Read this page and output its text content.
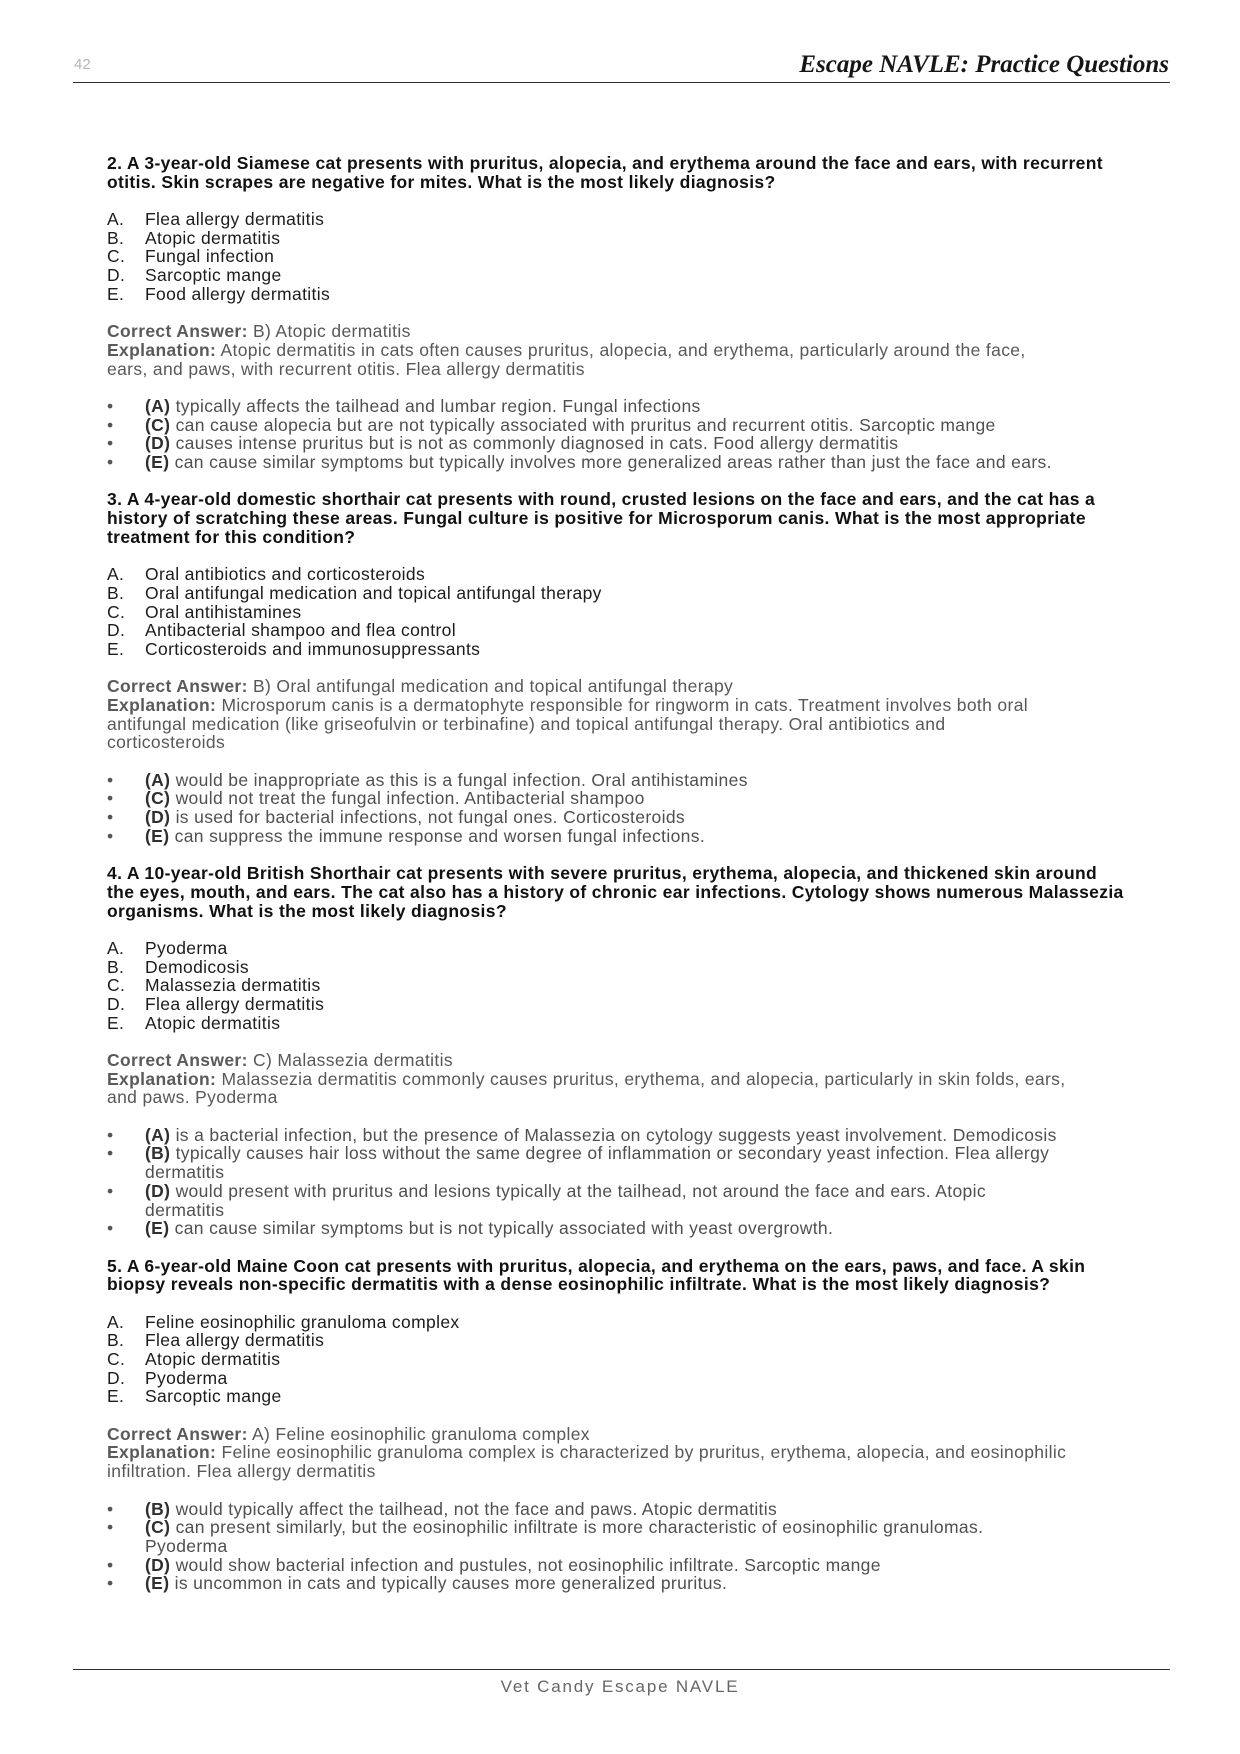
42	Escape NAVLE: Practice Questions
2. A 3-year-old Siamese cat presents with pruritus, alopecia, and erythema around the face and ears, with recurrent
otitis. Skin scrapes are negative for mites. What is the most likely diagnosis?
A. Flea allergy dermatitis
B. Atopic dermatitis
C. Fungal infection
D. Sarcoptic mange
E. Food allergy dermatitis
Correct Answer: B) Atopic dermatitis
Explanation: Atopic dermatitis in cats often causes pruritus, alopecia, and erythema, particularly around the face,
ears, and paws, with recurrent otitis. Flea allergy dermatitis
•
(A) typically affects the tailhead and lumbar region. Fungal infections
•
(C) can cause alopecia but are not typically associated with pruritus and recurrent otitis. Sarcoptic mange
•
(D) causes intense pruritus but is not as commonly diagnosed in cats. Food allergy dermatitis
•
(E) can cause similar symptoms but typically involves more generalized areas rather than just the face and ears.
3. A 4-year-old domestic shorthair cat presents with round, crusted lesions on the face and ears, and the cat has a
history of scratching these areas. Fungal culture is positive for Microsporum canis. What is the most appropriate
treatment for this condition?
A. Oral antibiotics and corticosteroids
B. Oral antifungal medication and topical antifungal therapy
C. Oral antihistamines
D. Antibacterial shampoo and flea control
E. Corticosteroids and immunosuppressants
Correct Answer: B) Oral antifungal medication and topical antifungal therapy
Explanation: Microsporum canis is a dermatophyte responsible for ringworm in cats. Treatment involves both oral
antifungal medication (like griseofulvin or terbinafine) and topical antifungal therapy. Oral antibiotics and
corticosteroids
•
(A) would be inappropriate as this is a fungal infection. Oral antihistamines
•
(C) would not treat the fungal infection. Antibacterial shampoo
•
(D) is used for bacterial infections, not fungal ones. Corticosteroids
•
(E) can suppress the immune response and worsen fungal infections.
4. A 10-year-old British Shorthair cat presents with severe pruritus, erythema, alopecia, and thickened skin around
the eyes, mouth, and ears. The cat also has a history of chronic ear infections. Cytology shows numerous Malassezia
organisms. What is the most likely diagnosis?
A. Pyoderma
B. Demodicosis
C. Malassezia dermatitis
D. Flea allergy dermatitis
E. Atopic dermatitis
Correct Answer: C) Malassezia dermatitis
Explanation: Malassezia dermatitis commonly causes pruritus, erythema, and alopecia, particularly in skin folds, ears,
and paws. Pyoderma
•
(A) is a bacterial infection, but the presence of Malassezia on cytology suggests yeast involvement. Demodicosis
•
(B) typically causes hair loss without the same degree of inflammation or secondary yeast infection. Flea allergy
dermatitis
•
(D) would present with pruritus and lesions typically at the tailhead, not around the face and ears. Atopic
dermatitis
•
(E) can cause similar symptoms but is not typically associated with yeast overgrowth.
5. A 6-year-old Maine Coon cat presents with pruritus, alopecia, and erythema on the ears, paws, and face. A skin
biopsy reveals non-specific dermatitis with a dense eosinophilic infiltrate. What is the most likely diagnosis?
A. Feline eosinophilic granuloma complex
B. Flea allergy dermatitis
C. Atopic dermatitis
D. Pyoderma
E. Sarcoptic mange
Correct Answer: A) Feline eosinophilic granuloma complex
Explanation: Feline eosinophilic granuloma complex is characterized by pruritus, erythema, alopecia, and eosinophilic
infiltration. Flea allergy dermatitis
•
(B) would typically affect the tailhead, not the face and paws. Atopic dermatitis
•
(C) can present similarly, but the eosinophilic infiltrate is more characteristic of eosinophilic granulomas.
Pyoderma
•
(D) would show bacterial infection and pustules, not eosinophilic infiltrate. Sarcoptic mange
•
(E) is uncommon in cats and typically causes more generalized pruritus.
Vet Candy Escape NAVLE
